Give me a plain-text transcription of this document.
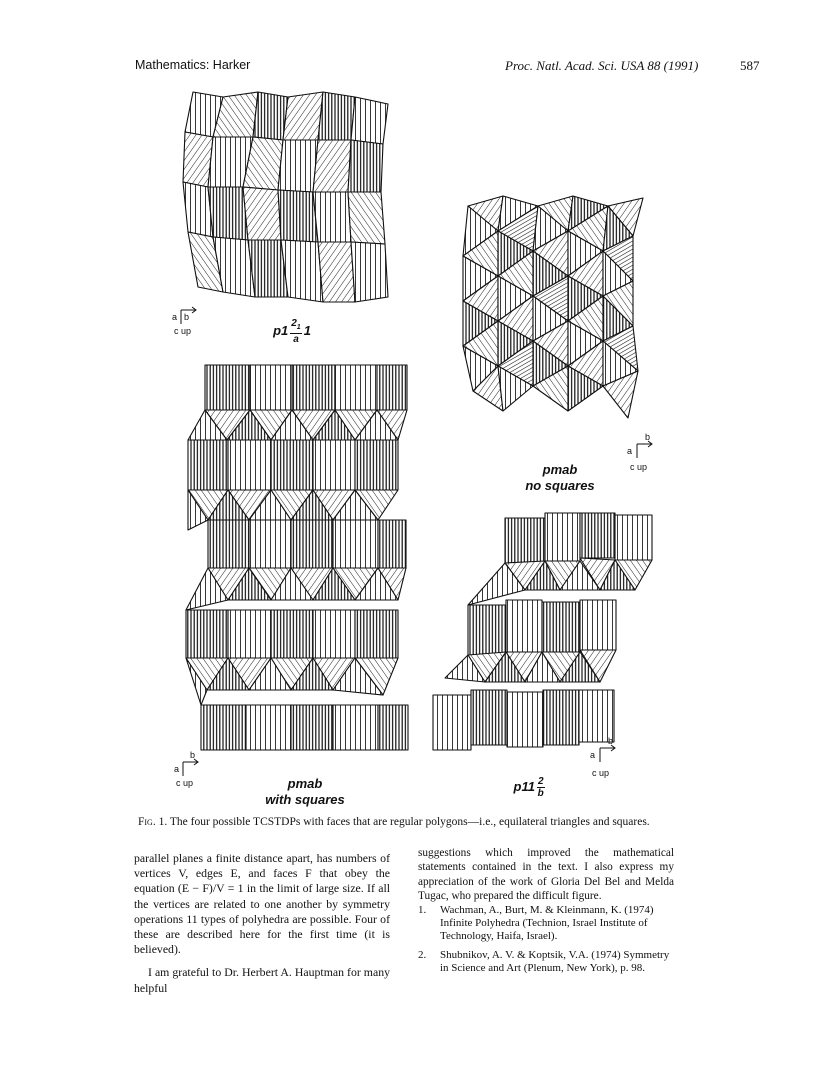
Mathematics: Harker	Proc. Natl. Acad. Sci. USA 88 (1991)	587
a b
c up	$p1 \frac{2_1}{a} 1$
b
a
c up
pmab
no squares
b
a
c up	pmab
with squares
b
a
c up
$p11 \frac{2}{b}$
Fig. 1. The four possible TCSTDPs with faces that are regular polygons—i.e., equilateral triangles and squares.

parallel planes a finite distance apart, has numbers of vertices V, edges E, and faces F that obey the equation (E − F)/V = 1 in the limit of large size. If all the vertices are related to one another by symmetry operations 11 types of polyhedra are possible. Four of these are described here for the first time (it is believed).

I am grateful to Dr. Herbert A. Hauptman for many helpful

suggestions which improved the mathematical statements contained in the text. I also express my appreciation of the work of Gloria Del Bel and Melda Tugac, who prepared the difficult figure.

1.	Wachman, A., Burt, M. & Kleinmann, K. (1974) Infinite Polyhedra (Technion, Israel Institute of Technology, Haifa, Israel).
2.	Shubnikov, A. V. & Koptsik, V.A. (1974) Symmetry in Science and Art (Plenum, New York), p. 98.
